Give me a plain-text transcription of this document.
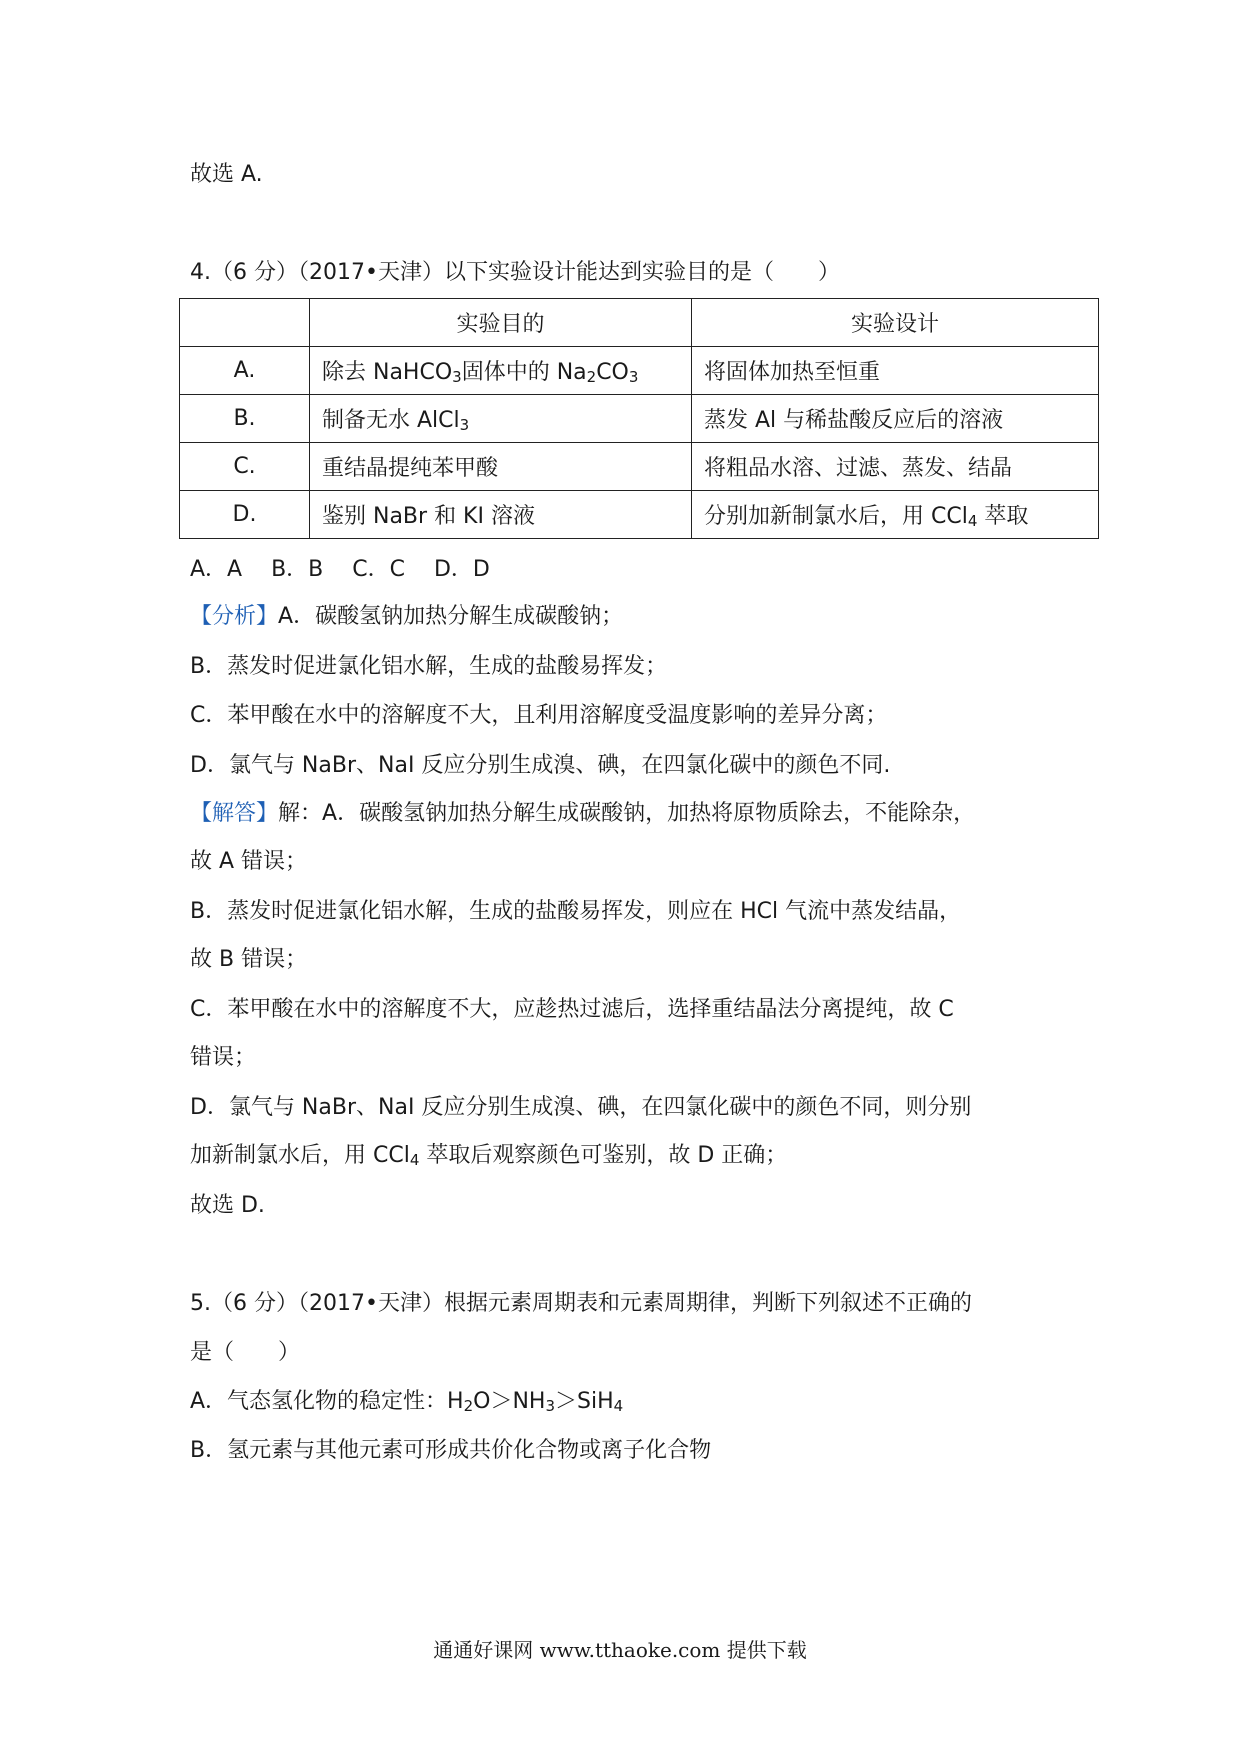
故选 A.
4.（6 分）（2017•天津）以下实验设计能达到实验目的是（　　）
	实验目的	实验设计
A.	除去 NaHCO$_3$固体中的 $Na_2CO_3$	将固体加热至恒重
B.	制备无水 AlCl$_3$	蒸发 Al 与稀盐酸反应后的溶液
C.	重结晶提纯苯甲酸	将粗品水溶、过滤、蒸发、结晶
D.	鉴别 NaBr 和 KI 溶液	分别加新制氯水后，用 CCl$_4$ 萃取
A．A　 B．B　 C．C　 D．D
【分析】A．碳酸氢钠加热分解生成碳酸钠；
B．蒸发时促进氯化铝水解，生成的盐酸易挥发；
C．苯甲酸在水中的溶解度不大，且利用溶解度受温度影响的差异分离；
D．氯气与 NaBr、NaI 反应分别生成溴、碘，在四氯化碳中的颜色不同.
【解答】解：A．碳酸氢钠加热分解生成碳酸钠，加热将原物质除去，不能除杂，
故 A 错误；
B．蒸发时促进氯化铝水解，生成的盐酸易挥发，则应在 HCl 气流中蒸发结晶，
故 B 错误；
C．苯甲酸在水中的溶解度不大，应趁热过滤后，选择重结晶法分离提纯，故 C
错误；
D．氯气与 NaBr、NaI 反应分别生成溴、碘，在四氯化碳中的颜色不同，则分别
加新制氯水后，用 CCl$_4$ 萃取后观察颜色可鉴别，故 D 正确；
故选 D.
5.（6 分）（2017•天津）根据元素周期表和元素周期律，判断下列叙述不正确的
是（　　）
A．气态氢化物的稳定性：$H_2O>NH_3>SiH_4$
B．氢元素与其他元素可形成共价化合物或离子化合物
通通好课网 www.tthaoke.com 提供下载
